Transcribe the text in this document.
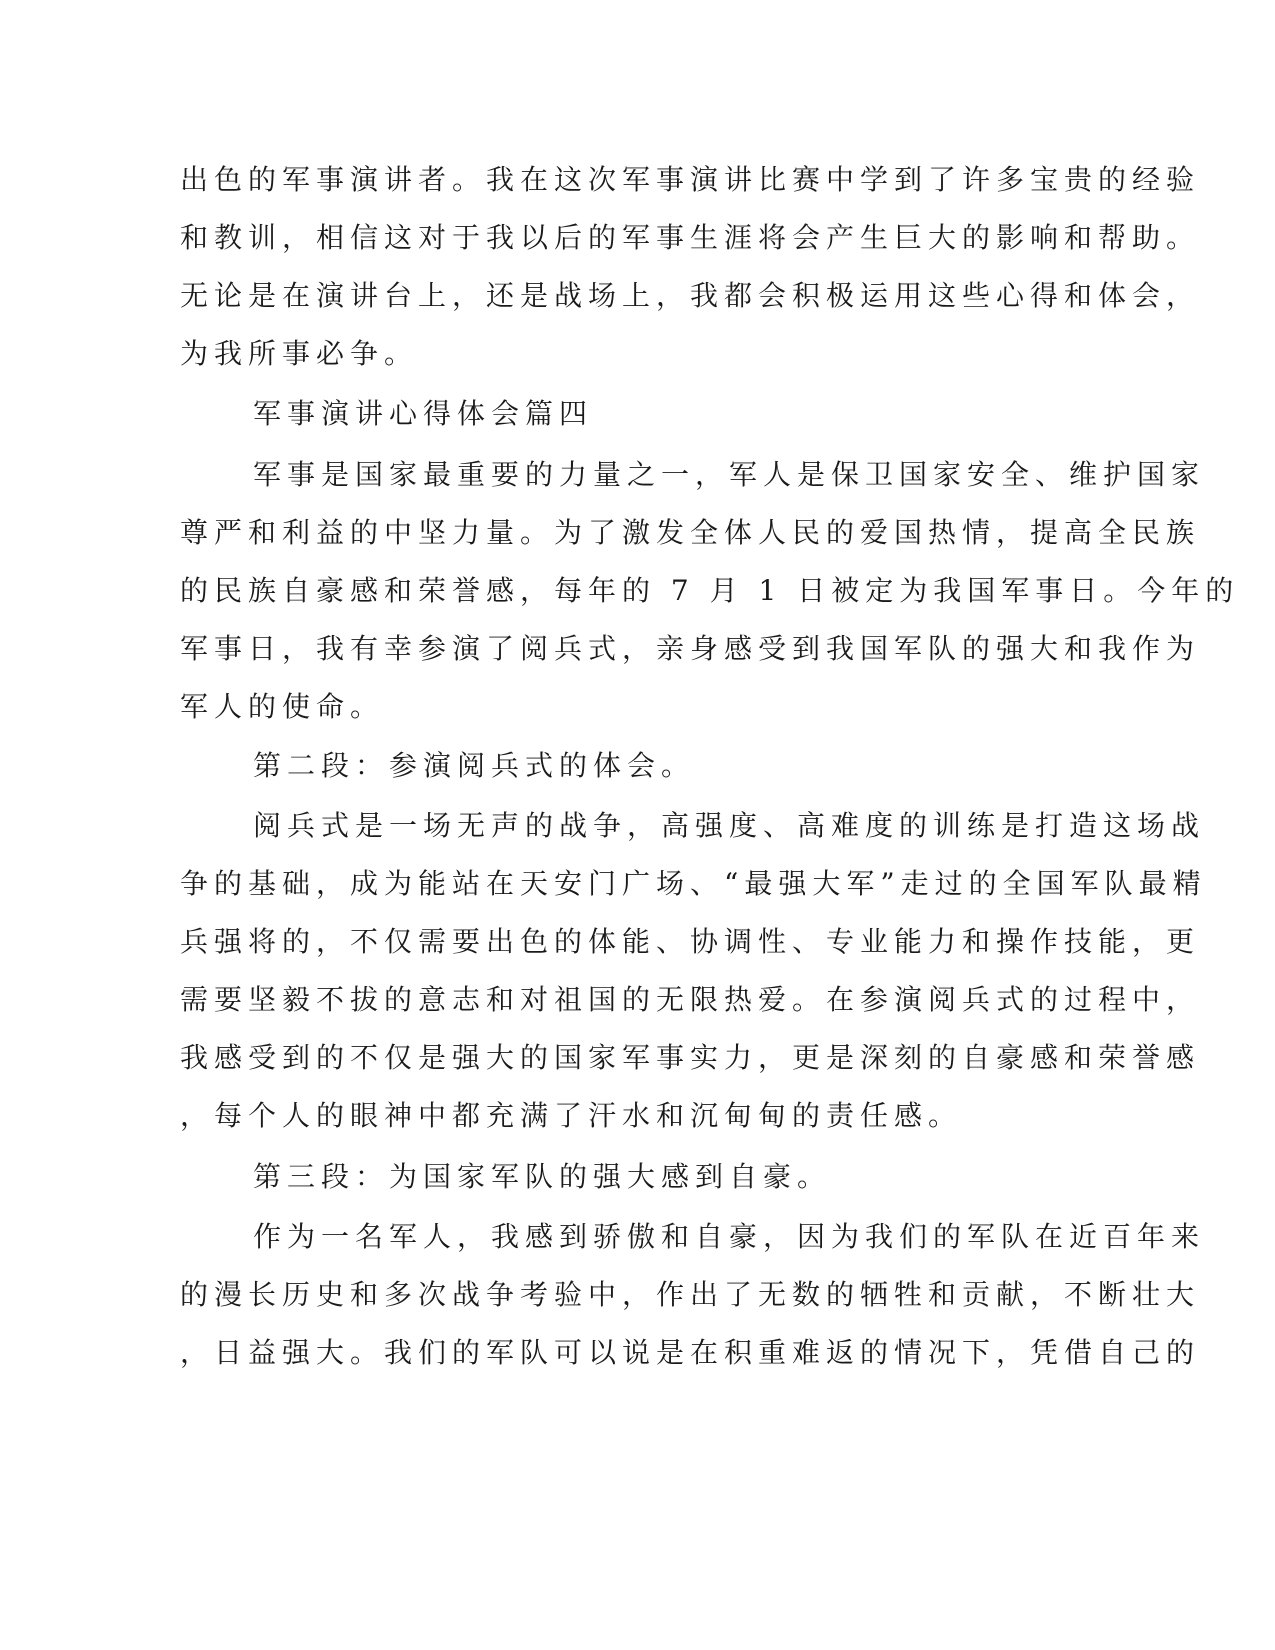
出色的军事演讲者。我在这次军事演讲比赛中学到了许多宝贵的经验
和教训，相信这对于我以后的军事生涯将会产生巨大的影响和帮助。
无论是在演讲台上，还是战场上，我都会积极运用这些心得和体会，
为我所事必争。
军事演讲心得体会篇四
军事是国家最重要的力量之一，军人是保卫国家安全、维护国家
尊严和利益的中坚力量。为了激发全体人民的爱国热情，提高全民族
的民族自豪感和荣誉感，每年的 7 月 1 日被定为我国军事日。今年的
军事日，我有幸参演了阅兵式，亲身感受到我国军队的强大和我作为
军人的使命。
第二段：参演阅兵式的体会。
阅兵式是一场无声的战争，高强度、高难度的训练是打造这场战
争的基础，成为能站在天安门广场、“最强大军”走过的全国军队最精
兵强将的，不仅需要出色的体能、协调性、专业能力和操作技能，更
需要坚毅不拔的意志和对祖国的无限热爱。在参演阅兵式的过程中，
我感受到的不仅是强大的国家军事实力，更是深刻的自豪感和荣誉感
，每个人的眼神中都充满了汗水和沉甸甸的责任感。
第三段：为国家军队的强大感到自豪。
作为一名军人，我感到骄傲和自豪，因为我们的军队在近百年来
的漫长历史和多次战争考验中，作出了无数的牺牲和贡献，不断壮大
，日益强大。我们的军队可以说是在积重难返的情况下，凭借自己的
